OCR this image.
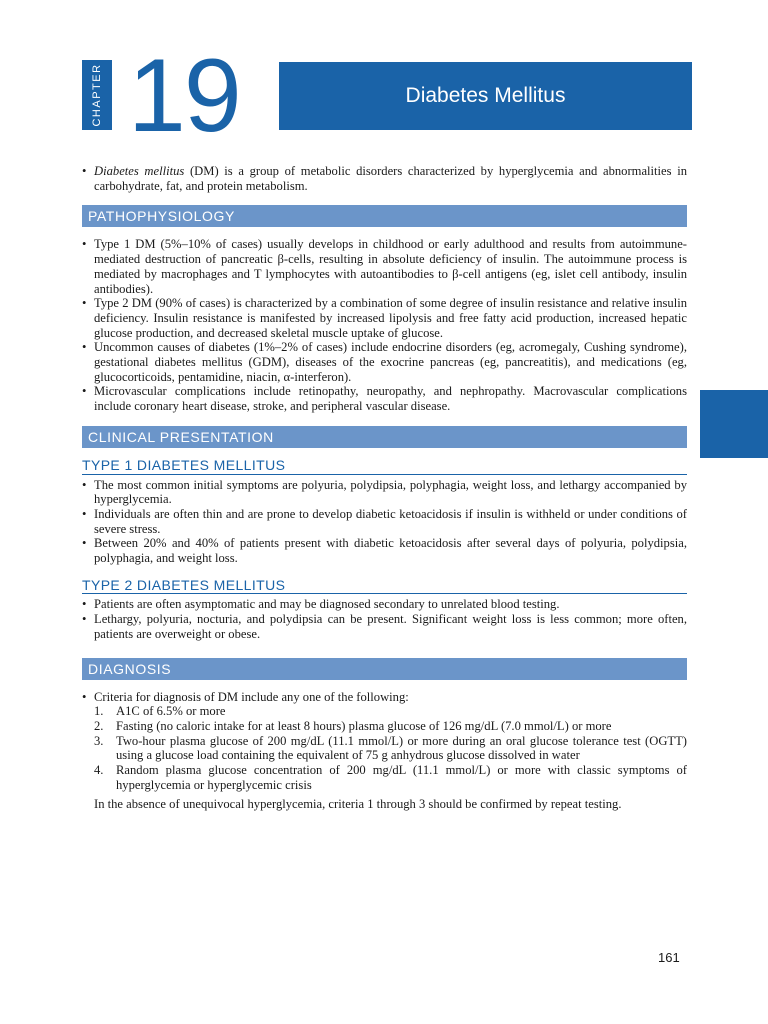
CHAPTER 19	Diabetes Mellitus
• Diabetes mellitus (DM) is a group of metabolic disorders characterized by hyperglycemia and abnormalities in carbohydrate, fat, and protein metabolism.
PATHOPHYSIOLOGY
• Type 1 DM (5%–10% of cases) usually develops in childhood or early adulthood and results from autoimmune-mediated destruction of pancreatic β-cells, resulting in absolute deficiency of insulin. The autoimmune process is mediated by macrophages and T lymphocytes with autoantibodies to β-cell antigens (eg, islet cell antibody, insulin antibodies).
• Type 2 DM (90% of cases) is characterized by a combination of some degree of insulin resistance and relative insulin deficiency. Insulin resistance is manifested by increased lipolysis and free fatty acid production, increased hepatic glucose production, and decreased skeletal muscle uptake of glucose.
• Uncommon causes of diabetes (1%–2% of cases) include endocrine disorders (eg, acromegaly, Cushing syndrome), gestational diabetes mellitus (GDM), diseases of the exocrine pancreas (eg, pancreatitis), and medications (eg, glucocorticoids, pentamidine, niacin, α-interferon).
• Microvascular complications include retinopathy, neuropathy, and nephropathy. Macrovascular complications include coronary heart disease, stroke, and peripheral vascular disease.
CLINICAL PRESENTATION
TYPE 1 DIABETES MELLITUS
• The most common initial symptoms are polyuria, polydipsia, polyphagia, weight loss, and lethargy accompanied by hyperglycemia.
• Individuals are often thin and are prone to develop diabetic ketoacidosis if insulin is withheld or under conditions of severe stress.
• Between 20% and 40% of patients present with diabetic ketoacidosis after several days of polyuria, polydipsia, polyphagia, and weight loss.
TYPE 2 DIABETES MELLITUS
• Patients are often asymptomatic and may be diagnosed secondary to unrelated blood testing.
• Lethargy, polyuria, nocturia, and polydipsia can be present. Significant weight loss is less common; more often, patients are overweight or obese.
DIAGNOSIS
• Criteria for diagnosis of DM include any one of the following:
1. A1C of 6.5% or more
2. Fasting (no caloric intake for at least 8 hours) plasma glucose of 126 mg/dL (7.0 mmol/L) or more
3. Two-hour plasma glucose of 200 mg/dL (11.1 mmol/L) or more during an oral glucose tolerance test (OGTT) using a glucose load containing the equivalent of 75 g anhydrous glucose dissolved in water
4. Random plasma glucose concentration of 200 mg/dL (11.1 mmol/L) or more with classic symptoms of hyperglycemia or hyperglycemic crisis
In the absence of unequivocal hyperglycemia, criteria 1 through 3 should be confirmed by repeat testing.
161
